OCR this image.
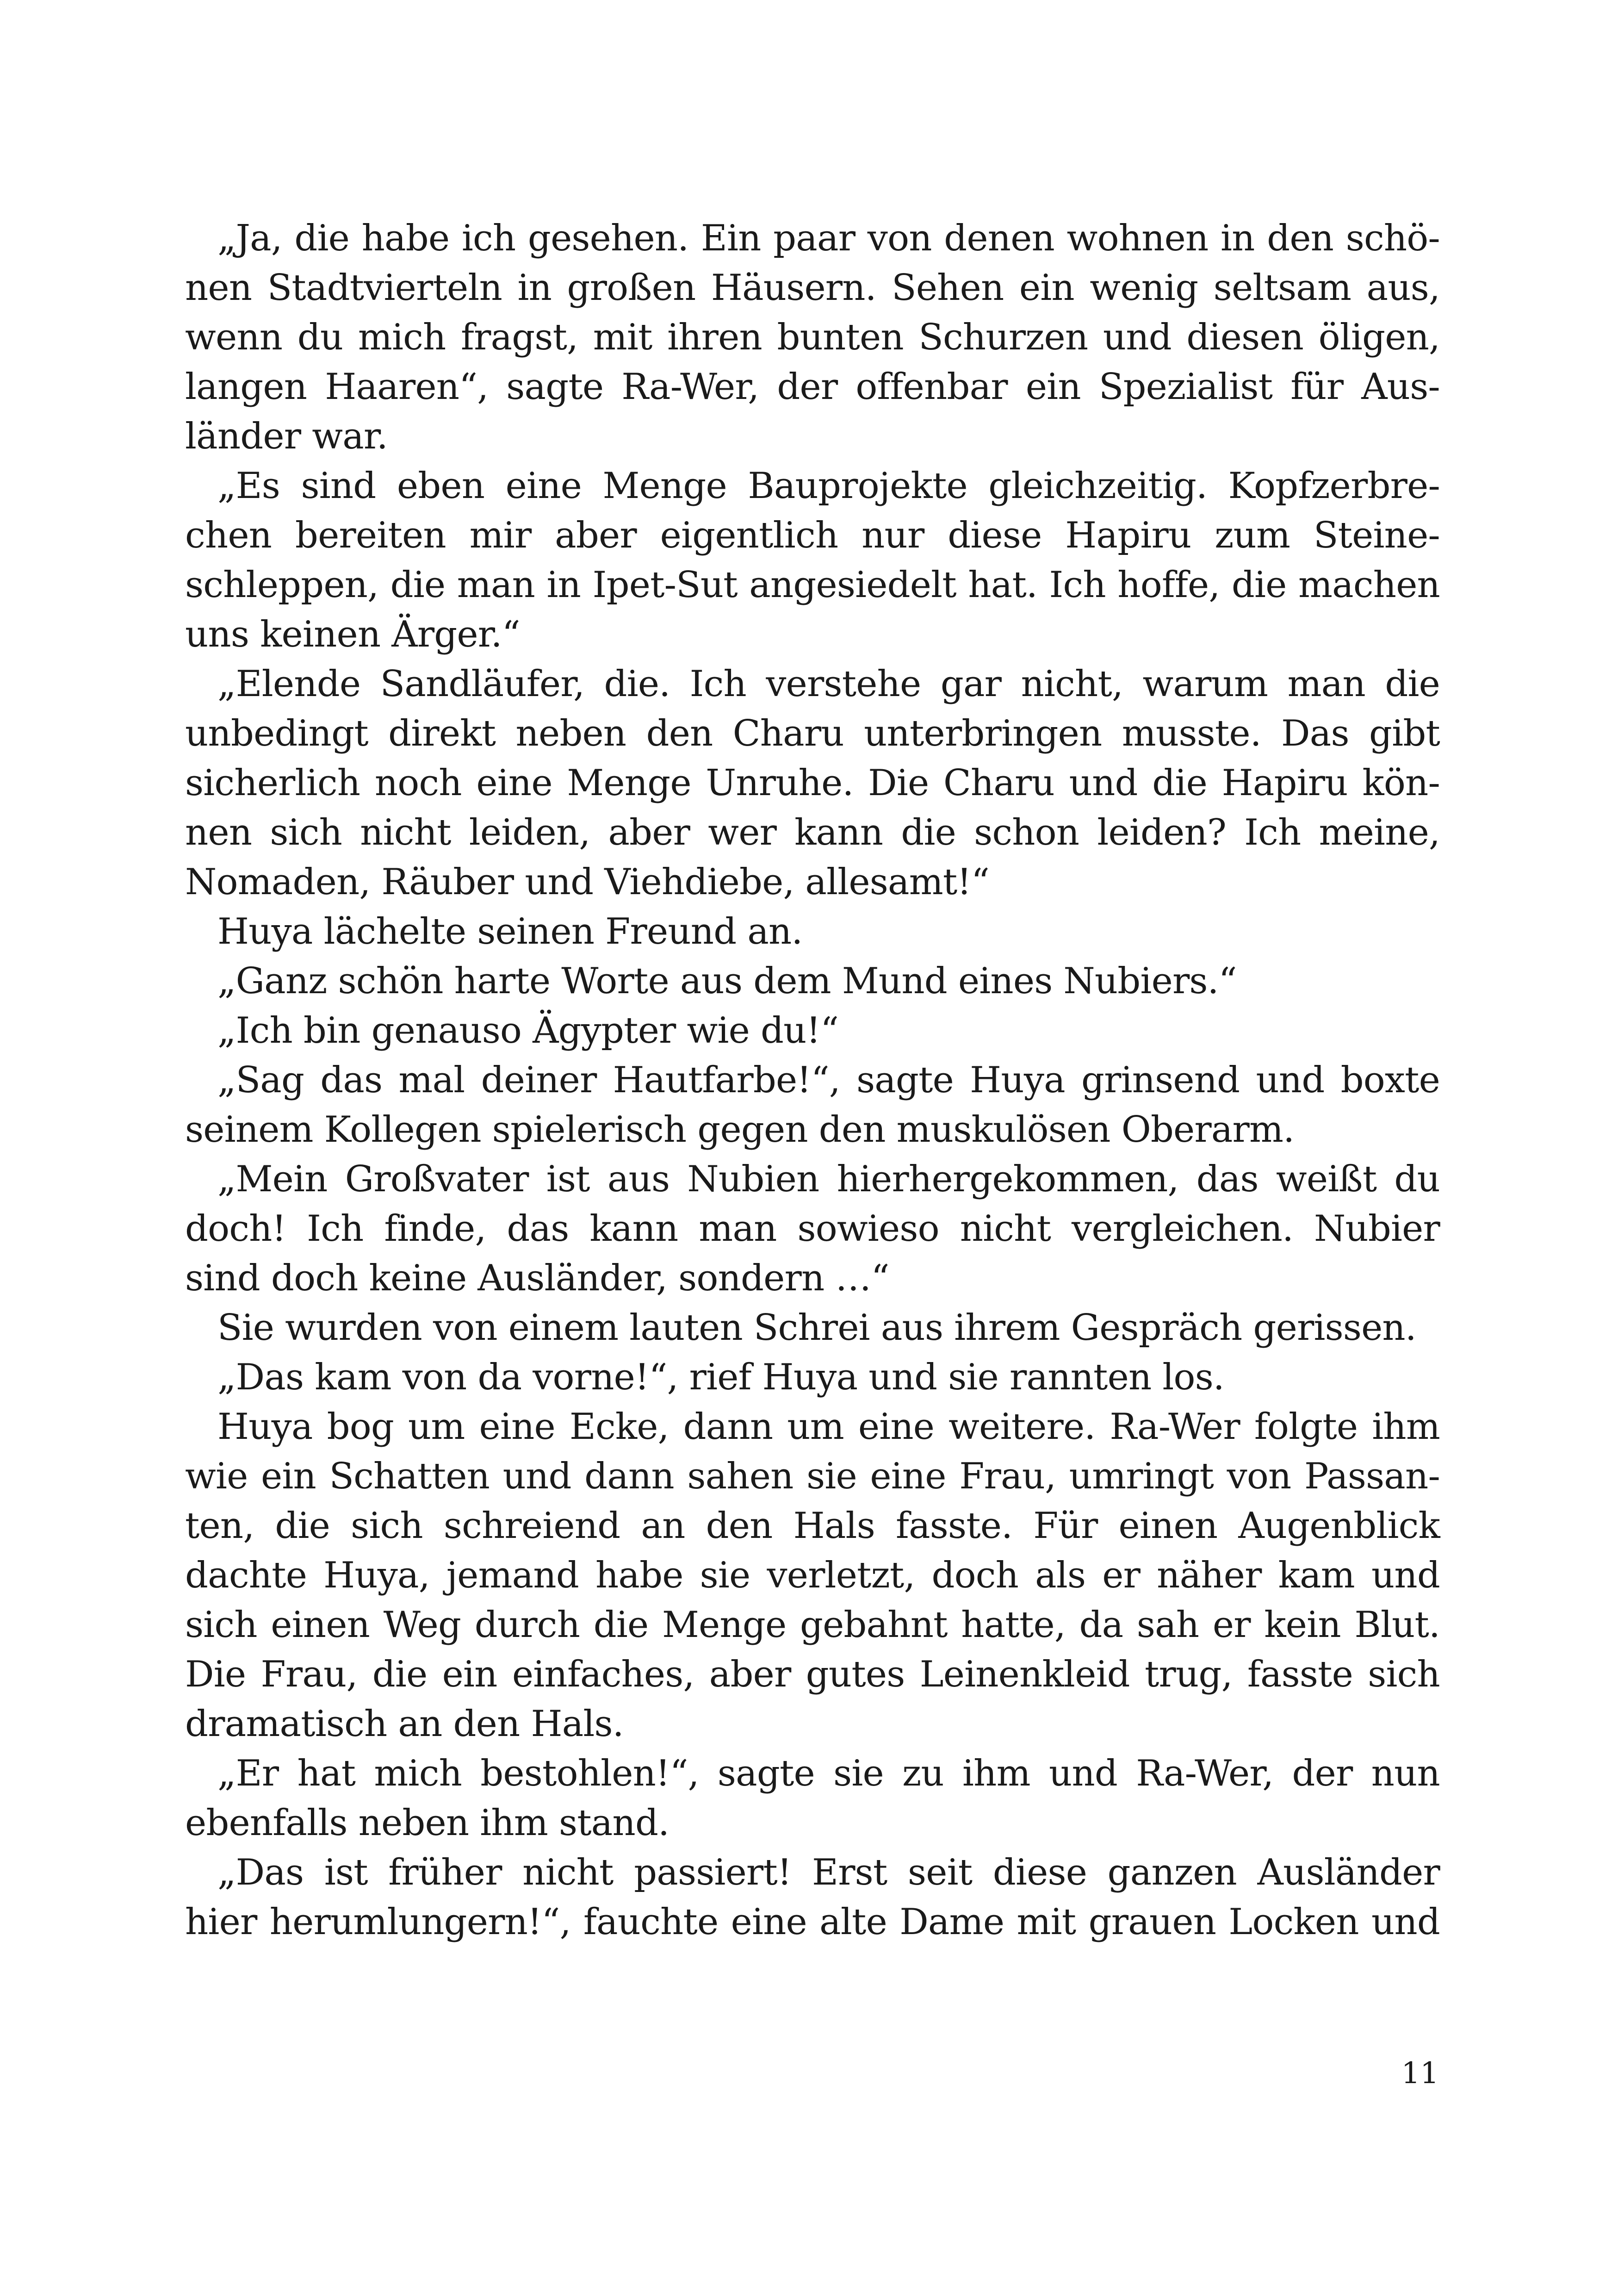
„Ja, die habe ich gesehen. Ein paar von denen wohnen in den schö-
nen Stadtvierteln in großen Häusern. Sehen ein wenig seltsam aus,
wenn du mich fragst, mit ihren bunten Schurzen und diesen öligen,
langen Haaren“, sagte Ra-Wer, der offenbar ein Spezialist für Aus-
länder war.
„Es sind eben eine Menge Bauprojekte gleichzeitig. Kopfzerbre-
chen bereiten mir aber eigentlich nur diese Hapiru zum Steine-
schleppen, die man in Ipet-Sut angesiedelt hat. Ich hoffe, die machen
uns keinen Ärger.“
„Elende Sandläufer, die. Ich verstehe gar nicht, warum man die
unbedingt direkt neben den Charu unterbringen musste. Das gibt
sicherlich noch eine Menge Unruhe. Die Charu und die Hapiru kön-
nen sich nicht leiden, aber wer kann die schon leiden? Ich meine,
Nomaden, Räuber und Viehdiebe, allesamt!“
Huya lächelte seinen Freund an.
„Ganz schön harte Worte aus dem Mund eines Nubiers.“
„Ich bin genauso Ägypter wie du!“
„Sag das mal deiner Hautfarbe!“, sagte Huya grinsend und boxte
seinem Kollegen spielerisch gegen den muskulösen Oberarm.
„Mein Großvater ist aus Nubien hierhergekommen, das weißt du
doch! Ich finde, das kann man sowieso nicht vergleichen. Nubier
sind doch keine Ausländer, sondern …“
Sie wurden von einem lauten Schrei aus ihrem Gespräch gerissen.
„Das kam von da vorne!“, rief Huya und sie rannten los.
Huya bog um eine Ecke, dann um eine weitere. Ra-Wer folgte ihm
wie ein Schatten und dann sahen sie eine Frau, umringt von Passan-
ten, die sich schreiend an den Hals fasste. Für einen Augenblick
dachte Huya, jemand habe sie verletzt, doch als er näher kam und
sich einen Weg durch die Menge gebahnt hatte, da sah er kein Blut.
Die Frau, die ein einfaches, aber gutes Leinenkleid trug, fasste sich
dramatisch an den Hals.
„Er hat mich bestohlen!“, sagte sie zu ihm und Ra-Wer, der nun
ebenfalls neben ihm stand.
„Das ist früher nicht passiert! Erst seit diese ganzen Ausländer
hier herumlungern!“, fauchte eine alte Dame mit grauen Locken und
11
